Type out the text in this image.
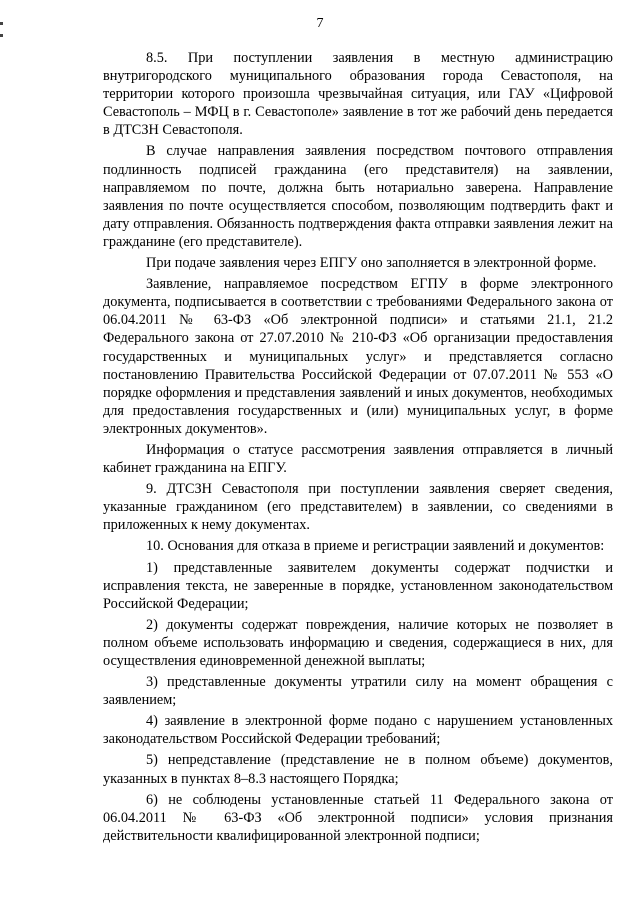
7

8.5. При поступлении заявления в местную администрацию внутригородского муниципального образования города Севастополя, на территории которого произошла чрезвычайная ситуация, или ГАУ «Цифровой Севастополь – МФЦ в г. Севастополе» заявление в тот же рабочий день передается в ДТСЗН Севастополя.

В случае направления заявления посредством почтового отправления подлинность подписей гражданина (его представителя) на заявлении, направляемом по почте, должна быть нотариально заверена. Направление заявления по почте осуществляется способом, позволяющим подтвердить факт и дату отправления. Обязанность подтверждения факта отправки заявления лежит на гражданине (его представителе).

При подаче заявления через ЕПГУ оно заполняется в электронной форме.

Заявление, направляемое посредством ЕГПУ в форме электронного документа, подписывается в соответствии с требованиями Федерального закона от 06.04.2011 № 63-ФЗ «Об электронной подписи» и статьями 21.1, 21.2 Федерального закона от 27.07.2010 № 210-ФЗ «Об организации предоставления государственных и муниципальных услуг» и представляется согласно постановлению Правительства Российской Федерации от 07.07.2011 № 553 «О порядке оформления и представления заявлений и иных документов, необходимых для предоставления государственных и (или) муниципальных услуг, в форме электронных документов».

Информация о статусе рассмотрения заявления отправляется в личный кабинет гражданина на ЕПГУ.

9. ДТСЗН Севастополя при поступлении заявления сверяет сведения, указанные гражданином (его представителем) в заявлении, со сведениями в приложенных к нему документах.

10. Основания для отказа в приеме и регистрации заявлений и документов:

1) представленные заявителем документы содержат подчистки и исправления текста, не заверенные в порядке, установленном законодательством Российской Федерации;

2) документы содержат повреждения, наличие которых не позволяет в полном объеме использовать информацию и сведения, содержащиеся в них, для осуществления единовременной денежной выплаты;

3) представленные документы утратили силу на момент обращения с заявлением;

4) заявление в электронной форме подано с нарушением установленных законодательством Российской Федерации требований;

5) непредставление (представление не в полном объеме) документов, указанных в пунктах 8–8.3 настоящего Порядка;

6) не соблюдены установленные статьей 11 Федерального закона от 06.04.2011 № 63-ФЗ «Об электронной подписи» условия признания действительности квалифицированной электронной подписи;
